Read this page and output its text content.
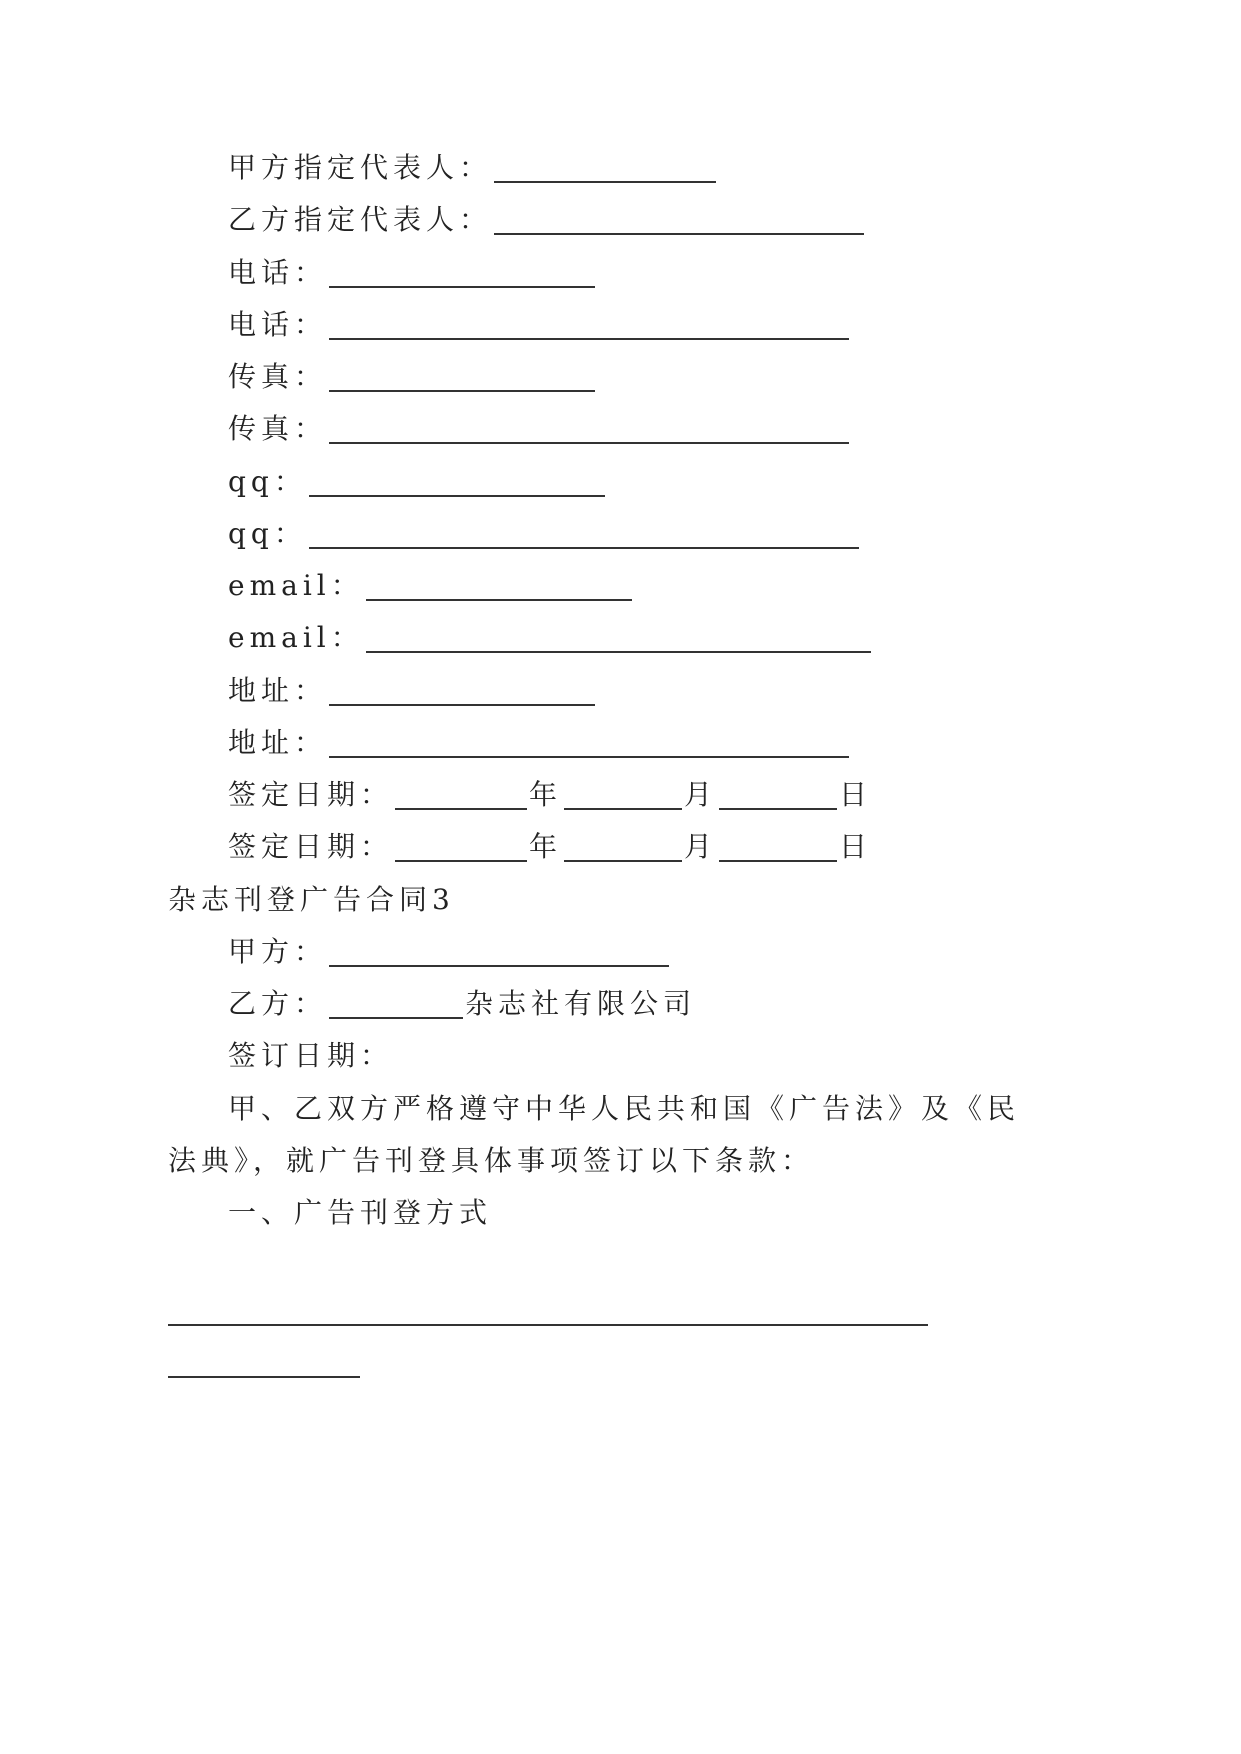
甲方指定代表人：
乙方指定代表人：
电话：
电话：
传真：
传真：
qq：
qq：
email：
email：
地址：
地址：
签定日期：	年	月	日
签定日期：	年	月	日
杂志刊登广告合同3
甲方：
乙方：	杂志社有限公司
签订日期：
甲、乙双方严格遵守中华人民共和国《广告法》及《民
法典》，就广告刊登具体事项签订以下条款：
一、广告刊登方式
